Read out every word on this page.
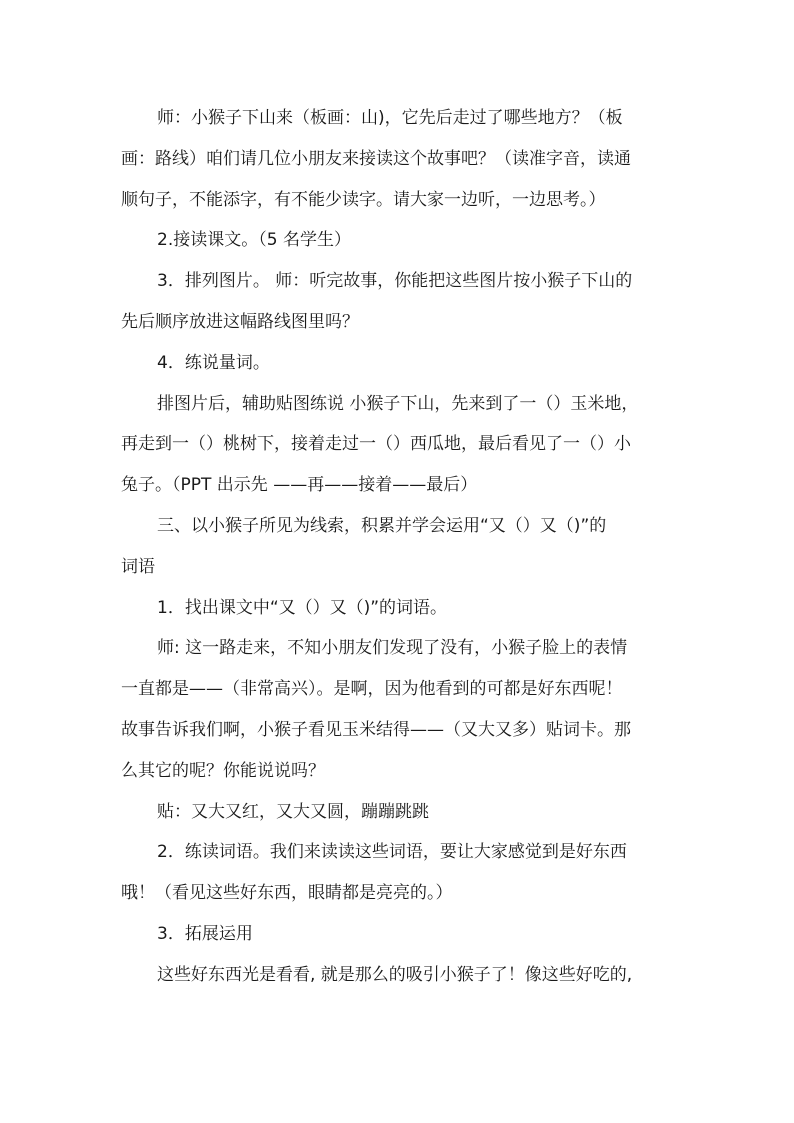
师：小猴子下山来（板画：山)，它先后走过了哪些地方？（板
画：路线）咱们请几位小朋友来接读这个故事吧？（读准字音，读通
顺句子，不能添字，有不能少读字。请大家一边听，一边思考。）
2.接读课文。（5 名学生）
3．排列图片。 师：听完故事，你能把这些图片按小猴子下山的
先后顺序放进这幅路线图里吗？
4．练说量词。
排图片后，辅助贴图练说 小猴子下山，先来到了一（）玉米地，
再走到一（）桃树下，接着走过一（）西瓜地，最后看见了一（）小
兔子。（PPT 出示先 ——再——接着——最后）
三、以小猴子所见为线索，积累并学会运用“又（）又（)”的
词语
1．找出课文中“又（）又（)”的词语。
师: 这一路走来，不知小朋友们发现了没有，小猴子脸上的表情
一直都是——（非常高兴）。是啊，因为他看到的可都是好东西呢！
故事告诉我们啊，小猴子看见玉米结得——（又大又多）贴词卡。那
么其它的呢？你能说说吗？
贴：又大又红，又大又圆，蹦蹦跳跳
2．练读词语。我们来读读这些词语，要让大家感觉到是好东西
哦！（看见这些好东西，眼睛都是亮亮的。）
3．拓展运用
这些好东西光是看看, 就是那么的吸引小猴子了！像这些好吃的,
